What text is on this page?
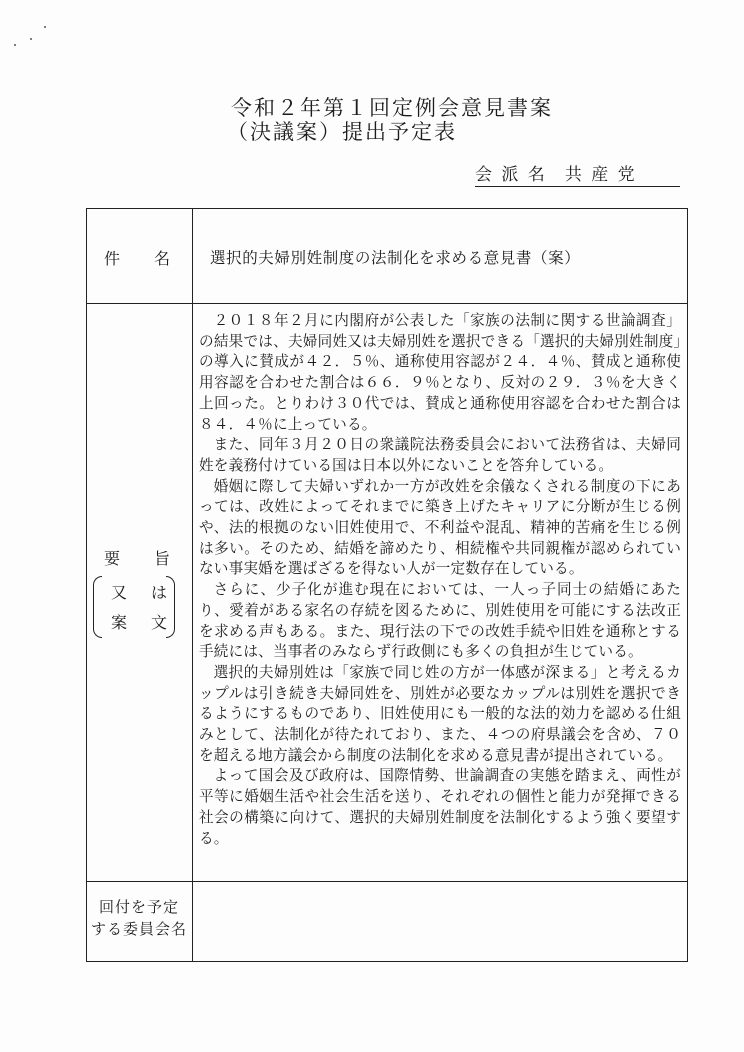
令和２年第１回定例会意見書案
（決議案）提出予定表
会 派 名 共 産 党
件 名	選択的夫婦別姓制度の法制化を求める意見書（案）
要 旨
又 は
案 文

２０１８年２月に内閣府が公表した「家族の法制に関する世論調査」の結果では、夫婦同姓又は夫婦別姓を選択できる「選択的夫婦別姓制度」の導入に賛成が４２．５％、通称使用容認が２４．４％、賛成と通称使用容認を合わせた割合は６６．９％となり、反対の２９．３％を大きく上回った。とりわけ３０代では、賛成と通称使用容認を合わせた割合は８４．４％に上っている。

また、同年３月２０日の衆議院法務委員会において法務省は、夫婦同姓を義務付けている国は日本以外にないことを答弁している。

婚姻に際して夫婦いずれか一方が改姓を余儀なくされる制度の下にあっては、改姓によってそれまでに築き上げたキャリアに分断が生じる例や、法的根拠のない旧姓使用で、不利益や混乱、精神的苦痛を生じる例は多い。そのため、結婚を諦めたり、相続権や共同親権が認められていない事実婚を選ばざるを得ない人が一定数存在している。

さらに、少子化が進む現在においては、一人っ子同士の結婚にあたり、愛着がある家名の存続を図るために、別姓使用を可能にする法改正を求める声もある。また、現行法の下での改姓手続や旧姓を通称とする手続には、当事者のみならず行政側にも多くの負担が生じている。

選択的夫婦別姓は「家族で同じ姓の方が一体感が深まる」と考えるカップルは引き続き夫婦同姓を、別姓が必要なカップルは別姓を選択できるようにするものであり、旧姓使用にも一般的な法的効力を認める仕組みとして、法制化が待たれており、また、４つの府県議会を含め、７０を超える地方議会から制度の法制化を求める意見書が提出されている。

よって国会及び政府は、国際情勢、世論調査の実態を踏まえ、両性が平等に婚姻生活や社会生活を送り、それぞれの個性と能力が発揮できる社会の構築に向けて、選択的夫婦別姓制度を法制化するよう強く要望する。

回付を予定
する委員会名
